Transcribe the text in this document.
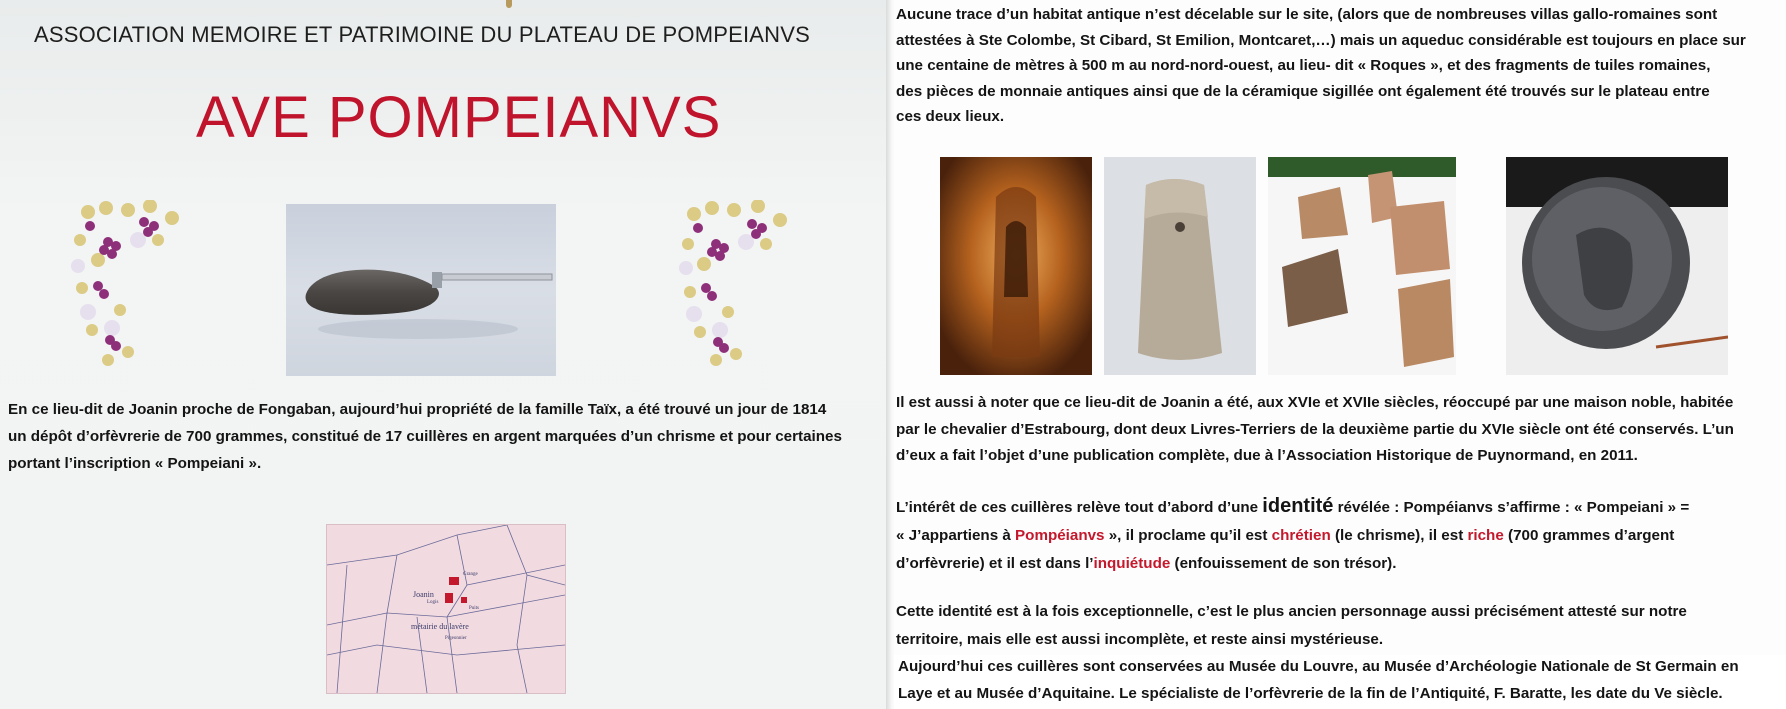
ASSOCIATION MEMOIRE ET PATRIMOINE DU PLATEAU DE POMPEIANVS
AVE POMPEIANVS
En ce lieu-dit de Joanin proche de Fongaban, aujourd’hui propriété de la famille Taïx, a été trouvé un jour de 1814
un dépôt d’orfèvrerie de 700 grammes, constitué de 17 cuillères en argent marquées d’un chrisme et pour certaines
portant l’inscription « Pompeiani ».
Joanin
métairie du lavère
Grange
Logis
Puits
Pigeonnier
Aucune trace d’un habitat antique n’est décelable sur le site, (alors que de nombreuses villas gallo-romaines sont
attestées à Ste Colombe, St Cibard, St Emilion, Montcaret,…) mais un aqueduc considérable est toujours en place sur
une centaine de mètres à 500 m au nord-nord-ouest, au lieu- dit « Roques », et des fragments de tuiles romaines,
des pièces de monnaie antiques ainsi que de la céramique sigillée ont également été trouvés sur le plateau entre
ces deux lieux.
Il est aussi à noter que ce lieu-dit de Joanin a été, aux XVIe et XVIIe siècles, réoccupé par une maison noble, habitée
par le chevalier d’Estrabourg, dont deux Livres-Terriers de la deuxième partie du XVIe siècle ont été conservés. L’un
d’eux a fait l’objet d’une publication complète, due à l’Association Historique de Puynormand, en 2011.
L’intérêt de ces cuillères relève tout d’abord d’une identité révélée : Pompéianvs s’affirme : « Pompeiani » =
« J’appartiens à Pompéianvs », il proclame qu’il est chrétien (le chrisme), il est riche (700 grammes d’argent
d’orfèvrerie) et il est dans l’inquiétude (enfouissement de son trésor).
Cette identité est à la fois exceptionnelle, c’est le plus ancien personnage aussi précisément attesté sur notre
territoire, mais elle est aussi incomplète, et reste ainsi mystérieuse.
Aujourd’hui ces cuillères sont conservées au Musée du Louvre, au Musée d’Archéologie Nationale de St Germain en
Laye et au Musée d’Aquitaine. Le spécialiste de l’orfèvrerie de la fin de l’Antiquité, F. Baratte, les date du Ve siècle.
